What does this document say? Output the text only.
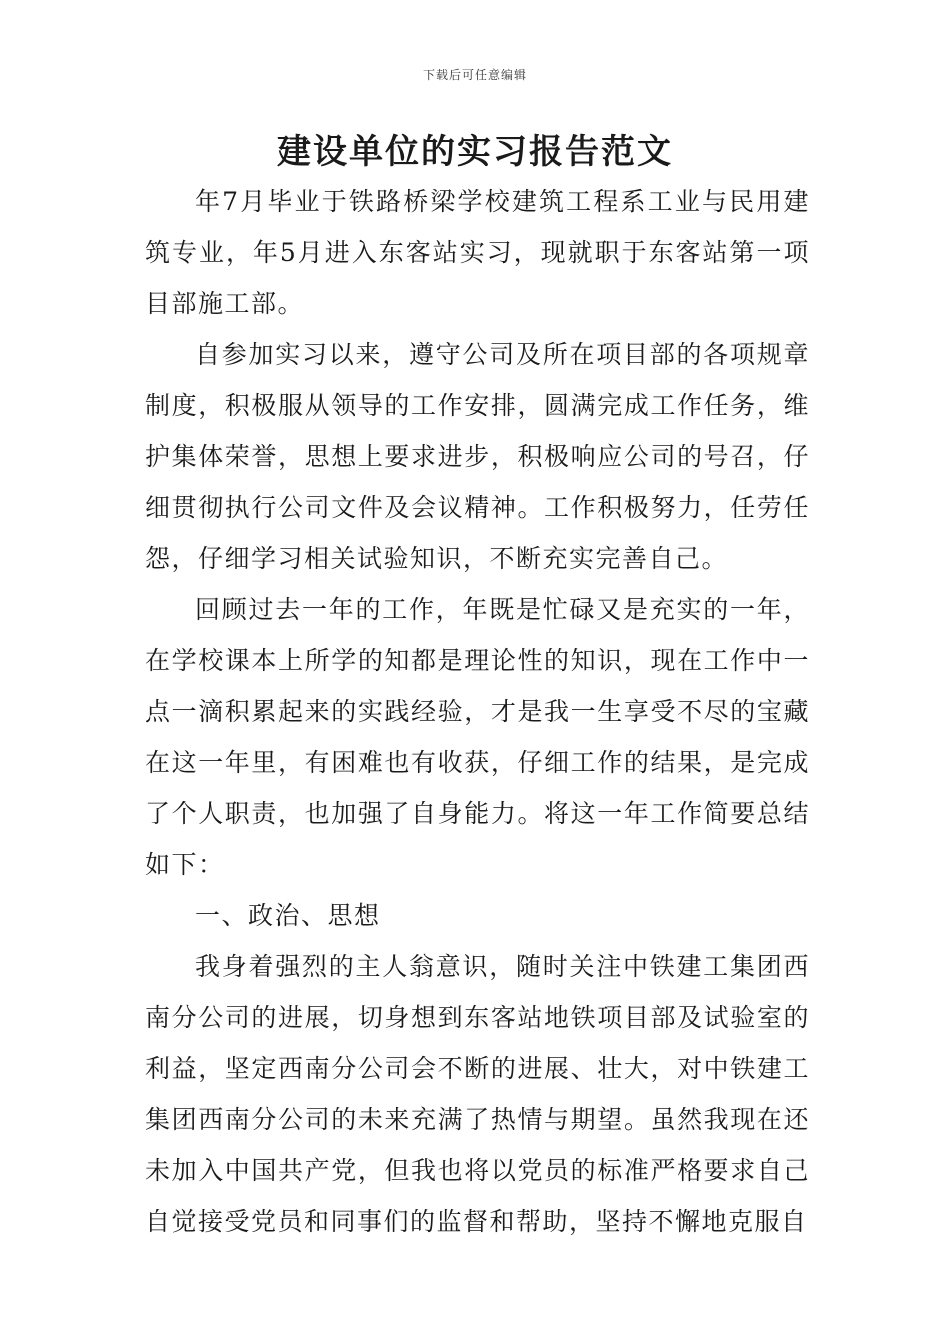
下载后可任意编辑
建设单位的实习报告范文

年7月毕业于铁路桥梁学校建筑工程系工业与民用建筑专业，年5月进入东客站实习，现就职于东客站第一项目部施工部。

自参加实习以来，遵守公司及所在项目部的各项规章制度，积极服从领导的工作安排，圆满完成工作任务，维护集体荣誉，思想上要求进步，积极响应公司的号召，仔细贯彻执行公司文件及会议精神。工作积极努力，任劳任怨，仔细学习相关试验知识，不断充实完善自己。

回顾过去一年的工作，年既是忙碌又是充实的一年，在学校课本上所学的知都是理论性的知识，现在工作中一点一滴积累起来的实践经验，才是我一生享受不尽的宝藏在这一年里，有困难也有收获，仔细工作的结果，是完成了个人职责，也加强了自身能力。将这一年工作简要总结如下：

一、政治、思想

我身着强烈的主人翁意识，随时关注中铁建工集团西南分公司的进展，切身想到东客站地铁项目部及试验室的利益，坚定西南分公司会不断的进展、壮大，对中铁建工集团西南分公司的未来充满了热情与期望。虽然我现在还未加入中国共产党，但我也将以党员的标准严格要求自己自觉接受党员和同事们的监督和帮助，坚持不懈地克服自
